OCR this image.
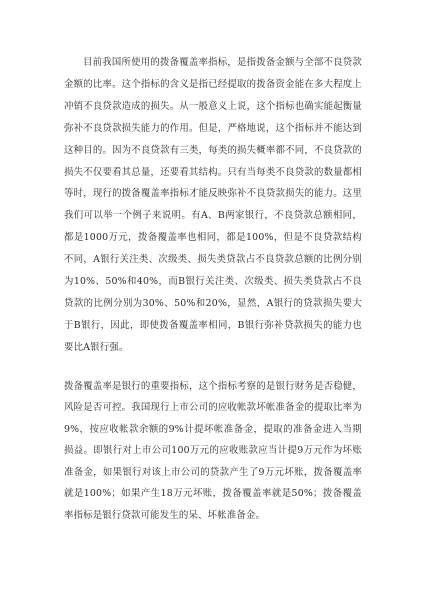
目前我国所使用的拨备覆盖率指标，是指拨备金额与全部不良贷款金额的比率。这个指标的含义是指已经提取的拨备资金能在多大程度上冲销不良贷款造成的损失。从一般意义上说，这个指标也确实能起衡量弥补不良贷款损失能力的作用。但是，严格地说，这个指标并不能达到这种目的。因为不良贷款有三类，每类的损失概率都不同，不良贷款的损失不仅要看其总量，还要看其结构。只有当每类不良贷款的数量都相等时，现行的拨备覆盖率指标才能反映弥补不良贷款损失的能力。这里我们可以举一个例子来说明。有A、B两家银行，不良贷款总额相同，都是1000万元，拨备覆盖率也相同，都是100%，但是不良贷款结构不同，A银行关注类、次级类、损失类贷款占不良贷款总额的比例分别为10%、50%和40%，而B银行关注类、次级类、损失类贷款占不良贷款的比例分别为30%、50%和20%，显然，A银行的贷款损失要大于B银行，因此，即使拨备覆盖率相同，B银行弥补贷款损失的能力也要比A银行强。

拨备覆盖率是银行的重要指标，这个指标考察的是银行财务是否稳健，风险是否可控。我国现行上市公司的应收帐款坏帐准备金的提取比率为9%，按应收帐款余额的9%计提坏帐准备金，提取的准备金进入当期损益。即银行对上市公司100万元的应收账款应当计提9万元作为坏账准备金，如果银行对该上市公司的贷款产生了9万元坏账，拨备覆盖率就是100%；如果产生18万元坏账，拨备覆盖率就是50%；拨备覆盖率指标是银行贷款可能发生的呆、坏帐准备金。
